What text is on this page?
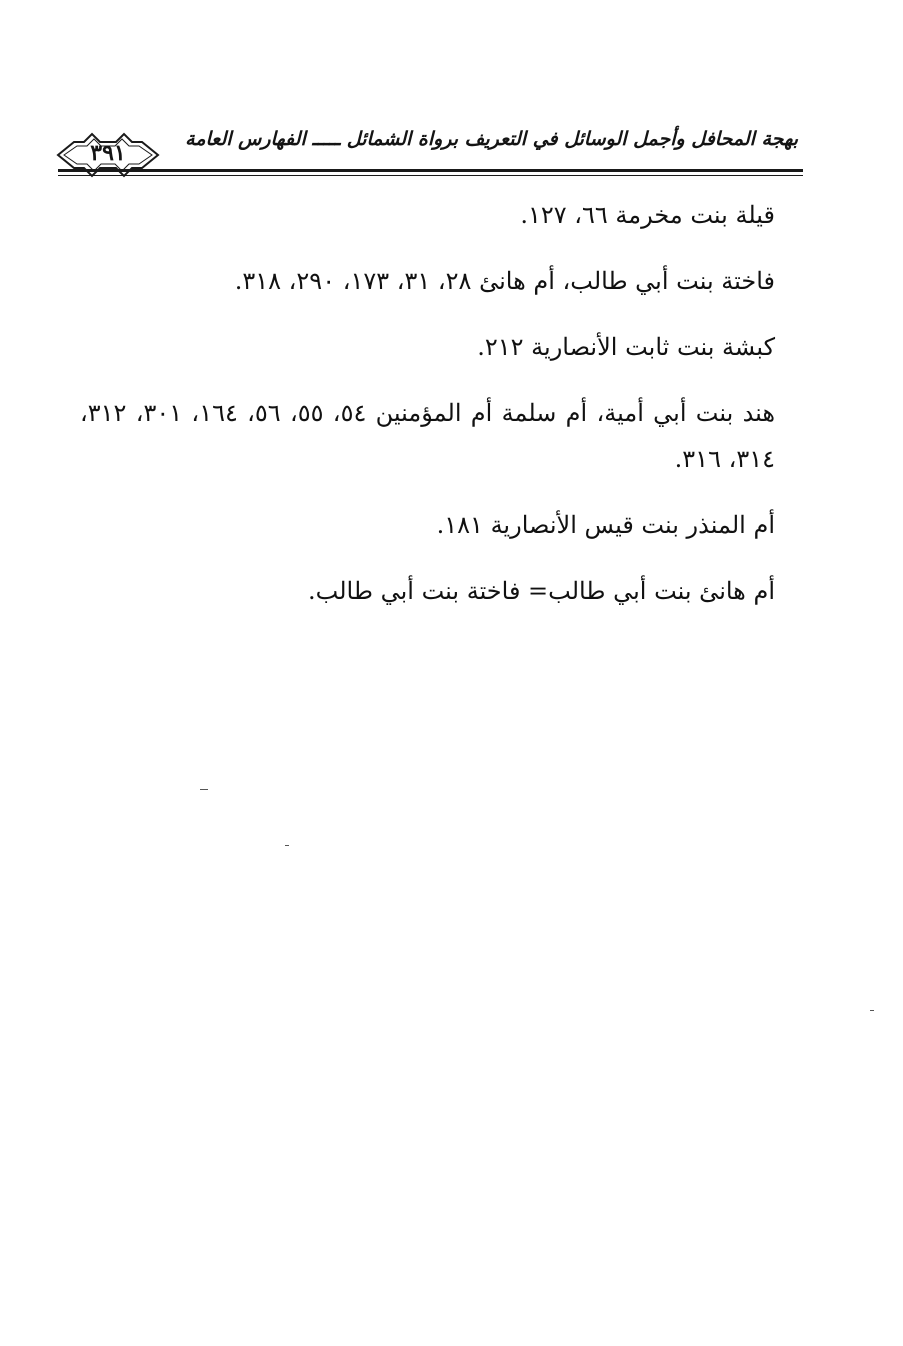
بهجة المحافل وأجمل الوسائل في التعريف برواة الشمائل ـــــ الفهارس العامة
٣٩١

قيلة بنت مخرمة ٦٦، ١٢٧.

فاختة بنت أبي طالب، أم هانئ ٢٨، ٣١، ١٧٣، ٢٩٠، ٣١٨.

كبشة بنت ثابت الأنصارية ٢١٢.

هند بنت أبي أمية، أم سلمة أم المؤمنين ٥٤، ٥٥، ٥٦، ١٦٤، ٣٠١، ٣١٢، ٣١٤، ٣١٦.

أم المنذر بنت قيس الأنصارية ١٨١.

أم هانئ بنت أبي طالب= فاختة بنت أبي طالب.
